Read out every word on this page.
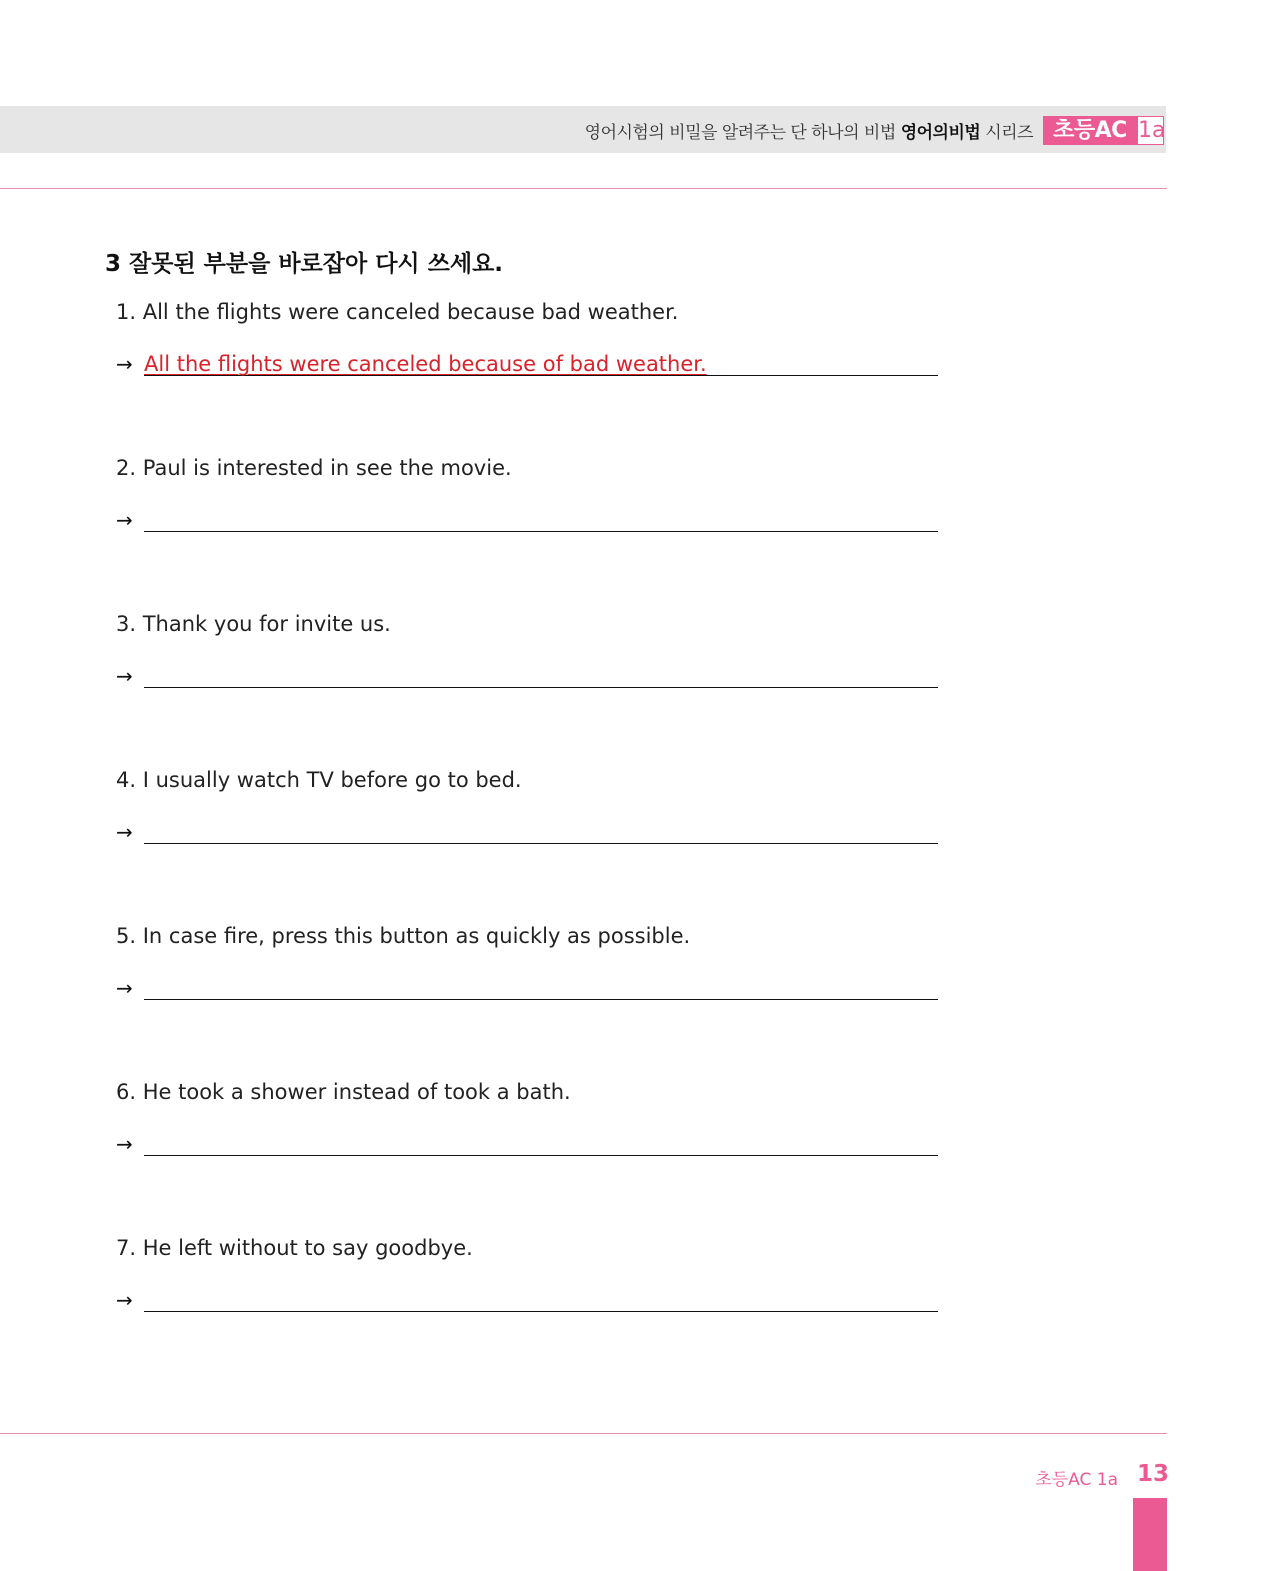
영어시험의 비밀을 알려주는 단 하나의 비법 영어의비법 시리즈 초등AC 1a
3 잘못된 부분을 바로잡아 다시 쓰세요.
1. All the flights were canceled because bad weather.
→ All the flights were canceled because of bad weather.
2. Paul is interested in see the movie.
→
3. Thank you for invite us.
→
4. I usually watch TV before go to bed.
→
5. In case fire, press this button as quickly as possible.
→
6. He took a shower instead of took a bath.
→
7. He left without to say goodbye.
→
초등AC 1a 13
